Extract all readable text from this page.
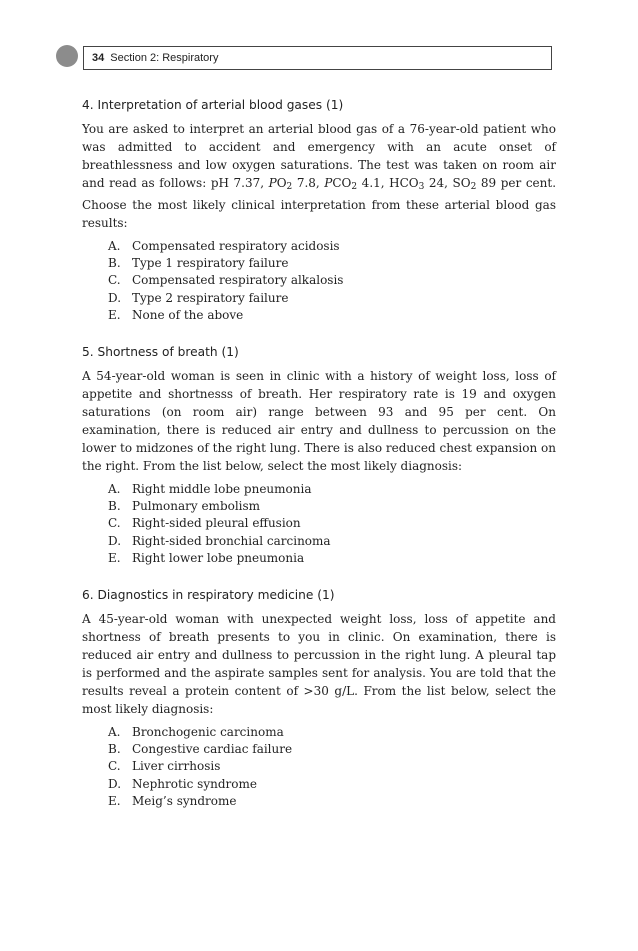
34 Section 2: Respiratory

4. Interpretation of arterial blood gases (1)

You are asked to interpret an arterial blood gas of a 76-year-old patient who was admitted to accident and emergency with an acute onset of breathlessness and low oxygen saturations. The test was taken on room air and read as follows: pH 7.37, $PO_2$ 7.8, $PCO_2$ 4.1, $HCO_3$ 24, $SO_2$ 89 per cent. Choose the most likely clinical interpretation from these arterial blood gas results:

A. Compensated respiratory acidosis
B. Type 1 respiratory failure
C. Compensated respiratory alkalosis
D. Type 2 respiratory failure
E. None of the above

5. Shortness of breath (1)

A 54-year-old woman is seen in clinic with a history of weight loss, loss of appetite and shortnesss of breath. Her respiratory rate is 19 and oxygen saturations (on room air) range between 93 and 95 per cent. On examination, there is reduced air entry and dullness to percussion on the lower to midzones of the right lung. There is also reduced chest expansion on the right. From the list below, select the most likely diagnosis:

A. Right middle lobe pneumonia
B. Pulmonary embolism
C. Right-sided pleural effusion
D. Right-sided bronchial carcinoma
E. Right lower lobe pneumonia

6. Diagnostics in respiratory medicine (1)

A 45-year-old woman with unexpected weight loss, loss of appetite and shortness of breath presents to you in clinic. On examination, there is reduced air entry and dullness to percussion in the right lung. A pleural tap is performed and the aspirate samples sent for analysis. You are told that the results reveal a protein content of >30 g/L. From the list below, select the most likely diagnosis:

A. Bronchogenic carcinoma
B. Congestive cardiac failure
C. Liver cirrhosis
D. Nephrotic syndrome
E. Meig’s syndrome
